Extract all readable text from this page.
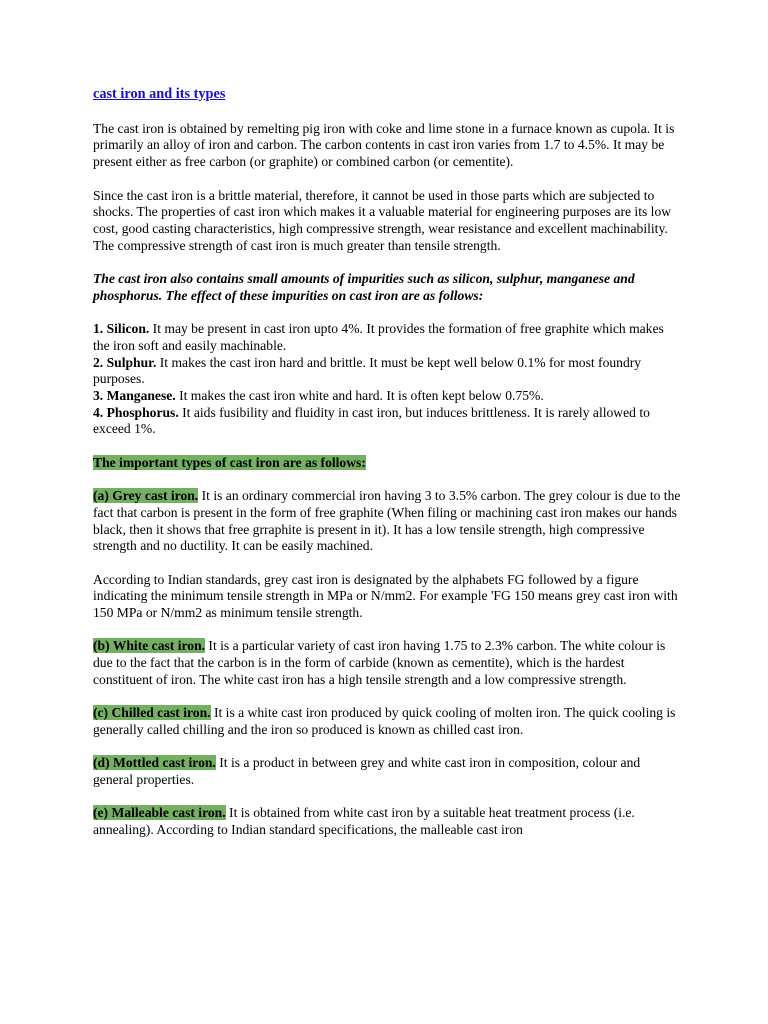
cast iron and its types

The cast iron is obtained by remelting pig iron with coke and lime stone in a furnace known as cupola. It is primarily an alloy of iron and carbon. The carbon contents in cast iron varies from 1.7 to 4.5%. It may be present either as free carbon (or graphite) or combined carbon (or cementite).

Since the cast iron is a brittle material, therefore, it cannot be used in those parts which are subjected to shocks. The properties of cast iron which makes it a valuable material for engineering purposes are its low cost, good casting characteristics, high compressive strength, wear resistance and excellent machinability. The compressive strength of cast iron is much greater than tensile strength.

The cast iron also contains small amounts of impurities such as silicon, sulphur, manganese and phosphorus. The effect of these impurities on cast iron are as follows:

1. Silicon. It may be present in cast iron upto 4%. It provides the formation of free graphite which makes the iron soft and easily machinable.

2. Sulphur. It makes the cast iron hard and brittle. It must be kept well below 0.1% for most foundry purposes.

3. Manganese. It makes the cast iron white and hard. It is often kept below 0.75%.

4. Phosphorus. It aids fusibility and fluidity in cast iron, but induces brittleness. It is rarely allowed to exceed 1%.

The important types of cast iron are as follows:

(a) Grey cast iron. It is an ordinary commercial iron having 3 to 3.5% carbon. The grey colour is due to the fact that carbon is present in the form of free graphite (When filing or machining cast iron makes our hands black, then it shows that free grraphite is present in it). It has a low tensile strength, high compressive strength and no ductility. It can be easily machined.

According to Indian standards, grey cast iron is designated by the alphabets FG followed by a figure indicating the minimum tensile strength in MPa or N/mm2. For example 'FG 150 means grey cast iron with 150 MPa or N/mm2 as minimum tensile strength.

(b) White cast iron. It is a particular variety of cast iron having 1.75 to 2.3% carbon. The white colour is due to the fact that the carbon is in the form of carbide (known as cementite), which is the hardest constituent of iron. The white cast iron has a high tensile strength and a low compressive strength.

(c) Chilled cast iron. It is a white cast iron produced by quick cooling of molten iron. The quick cooling is generally called chilling and the iron so produced is known as chilled cast iron.

(d) Mottled cast iron. It is a product in between grey and white cast iron in composition, colour and general properties.

(e) Malleable cast iron. It is obtained from white cast iron by a suitable heat treatment process (i.e. annealing). According to Indian standard specifications, the malleable cast iron
